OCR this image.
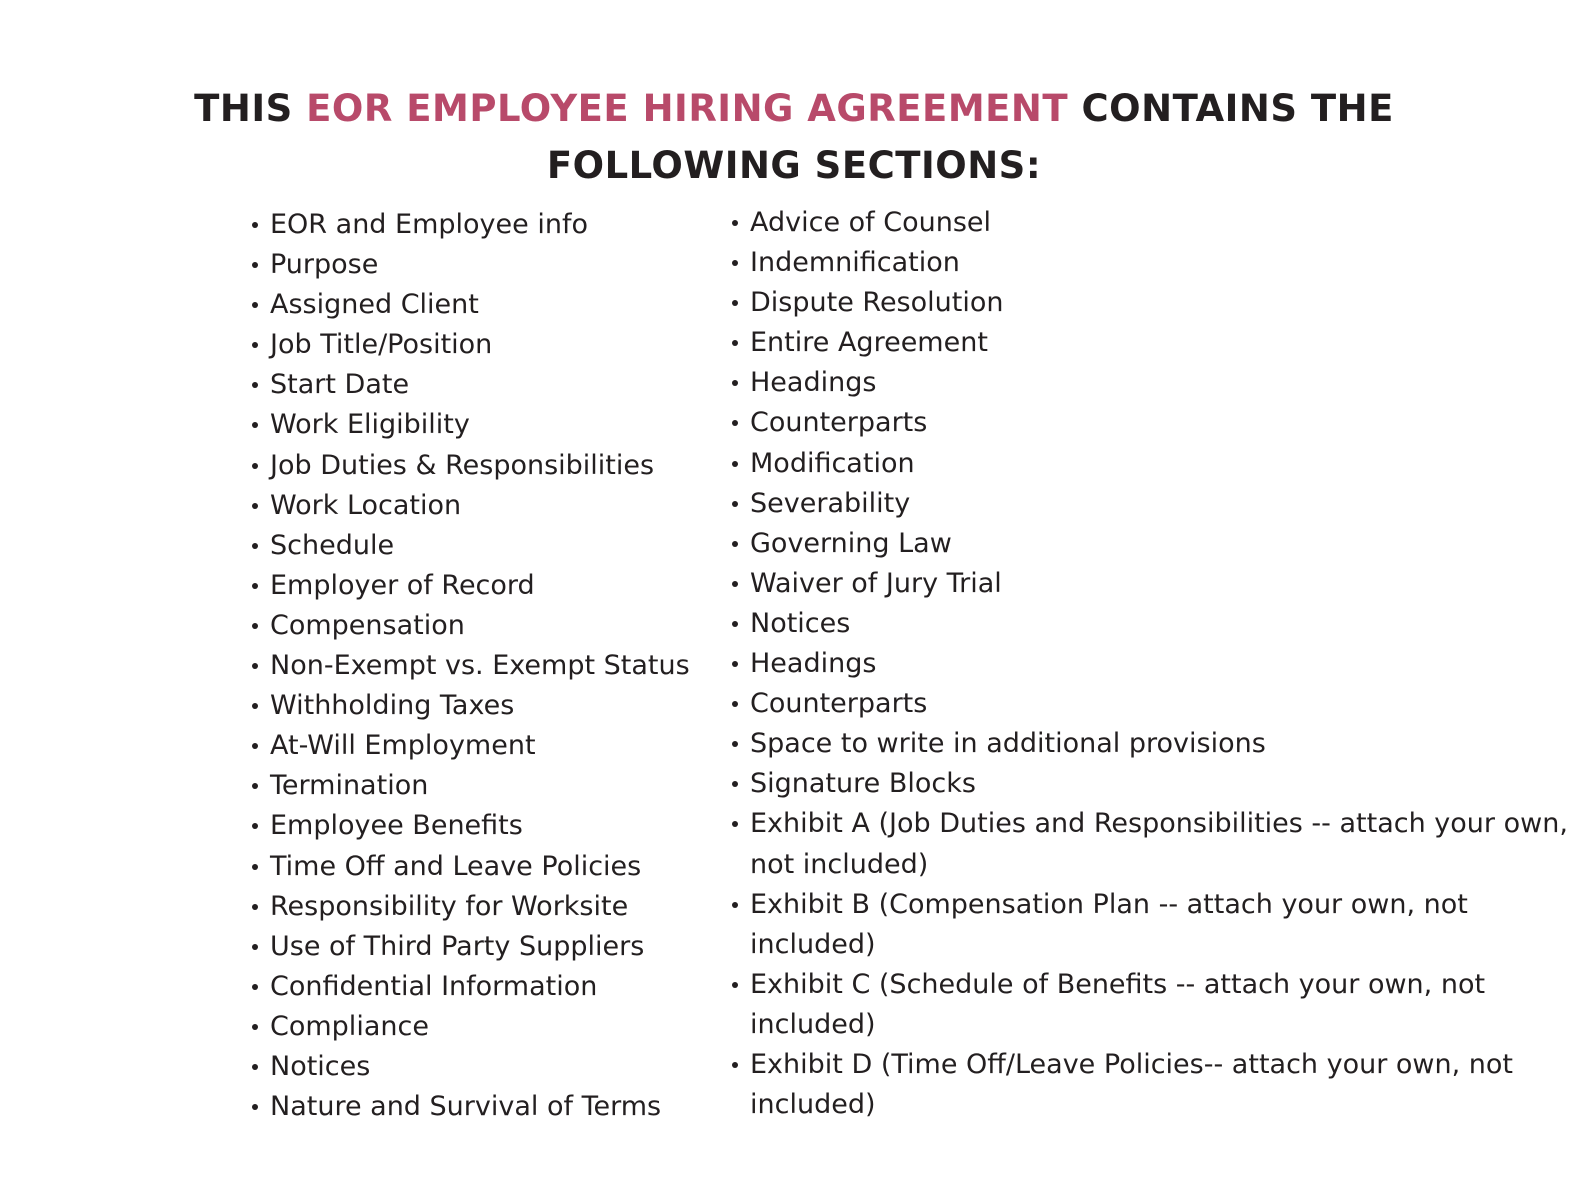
THIS EOR EMPLOYEE HIRING AGREEMENT CONTAINS THE
FOLLOWING SECTIONS:
EOR and Employee info
Purpose
Assigned Client
Job Title/Position
Start Date
Work Eligibility
Job Duties & Responsibilities
Work Location
Schedule
Employer of Record
Compensation
Non-Exempt vs. Exempt Status
Withholding Taxes
At-Will Employment
Termination
Employee Benefits
Time Off and Leave Policies
Responsibility for Worksite
Use of Third Party Suppliers
Confidential Information
Compliance
Notices
Nature and Survival of Terms
Advice of Counsel
Indemnification
Dispute Resolution
Entire Agreement
Headings
Counterparts
Modification
Severability
Governing Law
Waiver of Jury Trial
Notices
Headings
Counterparts
Space to write in additional provisions
Signature Blocks
Exhibit A (Job Duties and Responsibilities -- attach your own,
not included)
Exhibit B (Compensation Plan -- attach your own, not
included)
Exhibit C (Schedule of Benefits -- attach your own, not
included)
Exhibit D (Time Off/Leave Policies-- attach your own, not
included)
